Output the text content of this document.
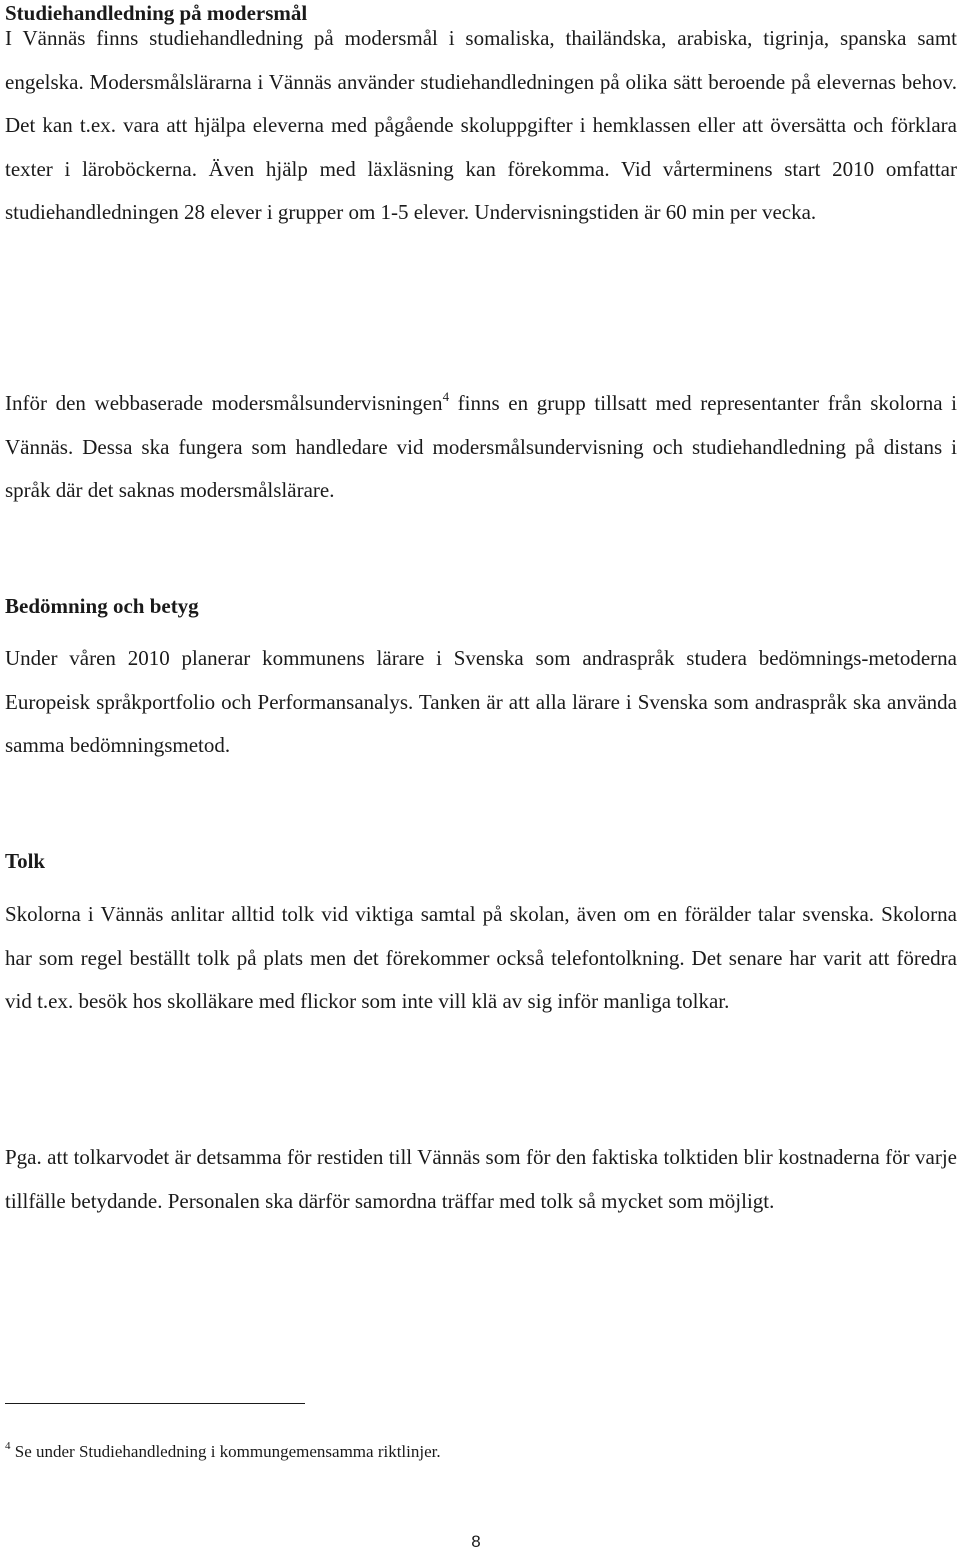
Studiehandledning på modersmål

I Vännäs finns studiehandledning på modersmål i somaliska, thailändska, arabiska, tigrinja, spanska samt engelska. Modersmålslärarna i Vännäs använder studiehandledningen på olika sätt beroende på elevernas behov. Det kan t.ex. vara att hjälpa eleverna med pågående skoluppgifter i hemklassen eller att översätta och förklara texter i läroböckerna. Även hjälp med läxläsning kan förekomma. Vid vårterminens start 2010 omfattar studiehandledningen 28 elever i grupper om 1-5 elever. Undervisningstiden är 60 min per vecka.

Inför den webbaserade modersmålsundervisningen$^4$ finns en grupp tillsatt med representanter från skolorna i Vännäs. Dessa ska fungera som handledare vid modersmålsundervisning och studiehandledning på distans i språk där det saknas modersmålslärare.

Bedömning och betyg

Under våren 2010 planerar kommunens lärare i Svenska som andraspråk studera bedömnings-metoderna Europeisk språkportfolio och Performansanalys. Tanken är att alla lärare i Svenska som andraspråk ska använda samma bedömningsmetod.

Tolk

Skolorna i Vännäs anlitar alltid tolk vid viktiga samtal på skolan, även om en förälder talar svenska. Skolorna har som regel beställt tolk på plats men det förekommer också telefontolkning. Det senare har varit att föredra vid t.ex. besök hos skolläkare med flickor som inte vill klä av sig inför manliga tolkar.

Pga. att tolkarvodet är detsamma för restiden till Vännäs som för den faktiska tolktiden blir kostnaderna för varje tillfälle betydande. Personalen ska därför samordna träffar med tolk så mycket som möjligt.

$^4$ Se under Studiehandledning i kommungemensamma riktlinjer.
8
